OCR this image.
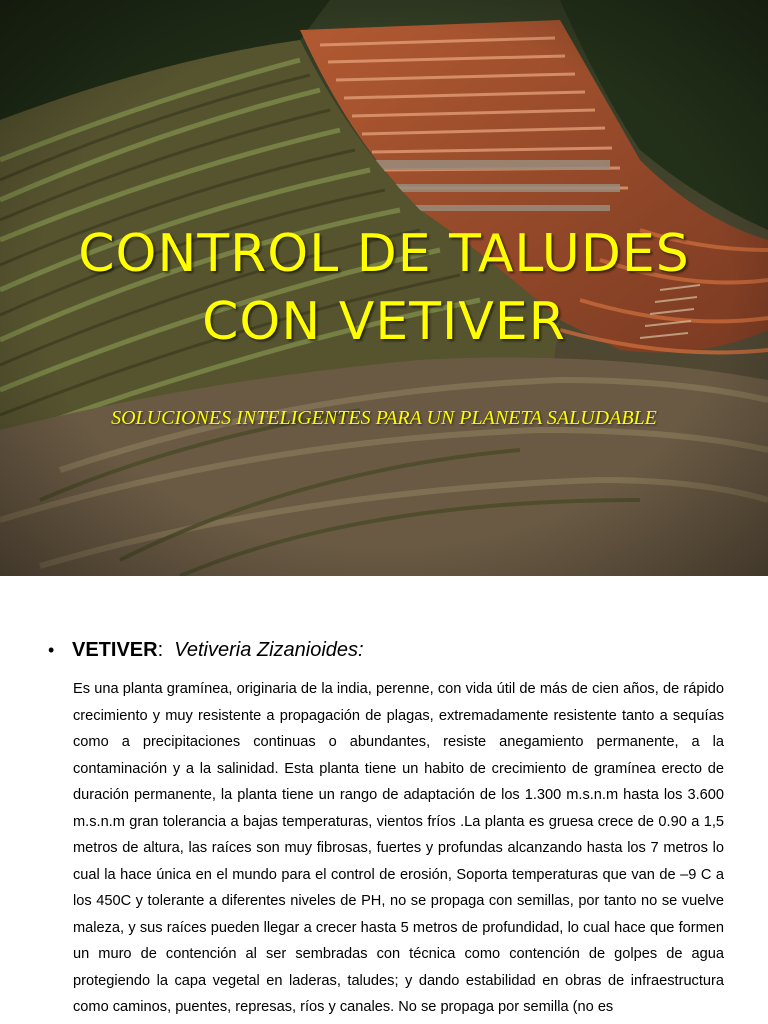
CONTROL DE TALUDES
CON VETIVER

SOLUCIONES INTELIGENTES PARA UN PLANETA SALUDABLE

• VETIVER: Vetiveria Zizanioides:

Es una planta gramínea, originaria de la india, perenne, con vida útil de más de cien años, de rápido crecimiento y muy resistente a propagación de plagas, extremadamente resistente tanto a sequías como a precipitaciones continuas o abundantes, resiste anegamiento permanente, a la contaminación y a la salinidad. Esta planta tiene un habito de crecimiento de gramínea erecto de duración permanente, la planta tiene un rango de adaptación de los 1.300 m.s.n.m hasta los 3.600 m.s.n.m gran tolerancia a bajas temperaturas, vientos fríos .La planta es gruesa crece de 0.90 a 1,5 metros de altura, las raíces son muy fibrosas, fuertes y profundas alcanzando hasta los 7 metros lo cual la hace única en el mundo para el control de erosión, Soporta temperaturas que van de –9 C a los 450C y tolerante a diferentes niveles de PH, no se propaga con semillas, por tanto no se vuelve maleza, y sus raíces pueden llegar a crecer hasta 5 metros de profundidad, lo cual hace que formen un muro de contención al ser sembradas con técnica como contención de golpes de agua protegiendo la capa vegetal en laderas, taludes; y dando estabilidad en obras de infraestructura como caminos, puentes, represas, ríos y canales. No se propaga por semilla (no es
